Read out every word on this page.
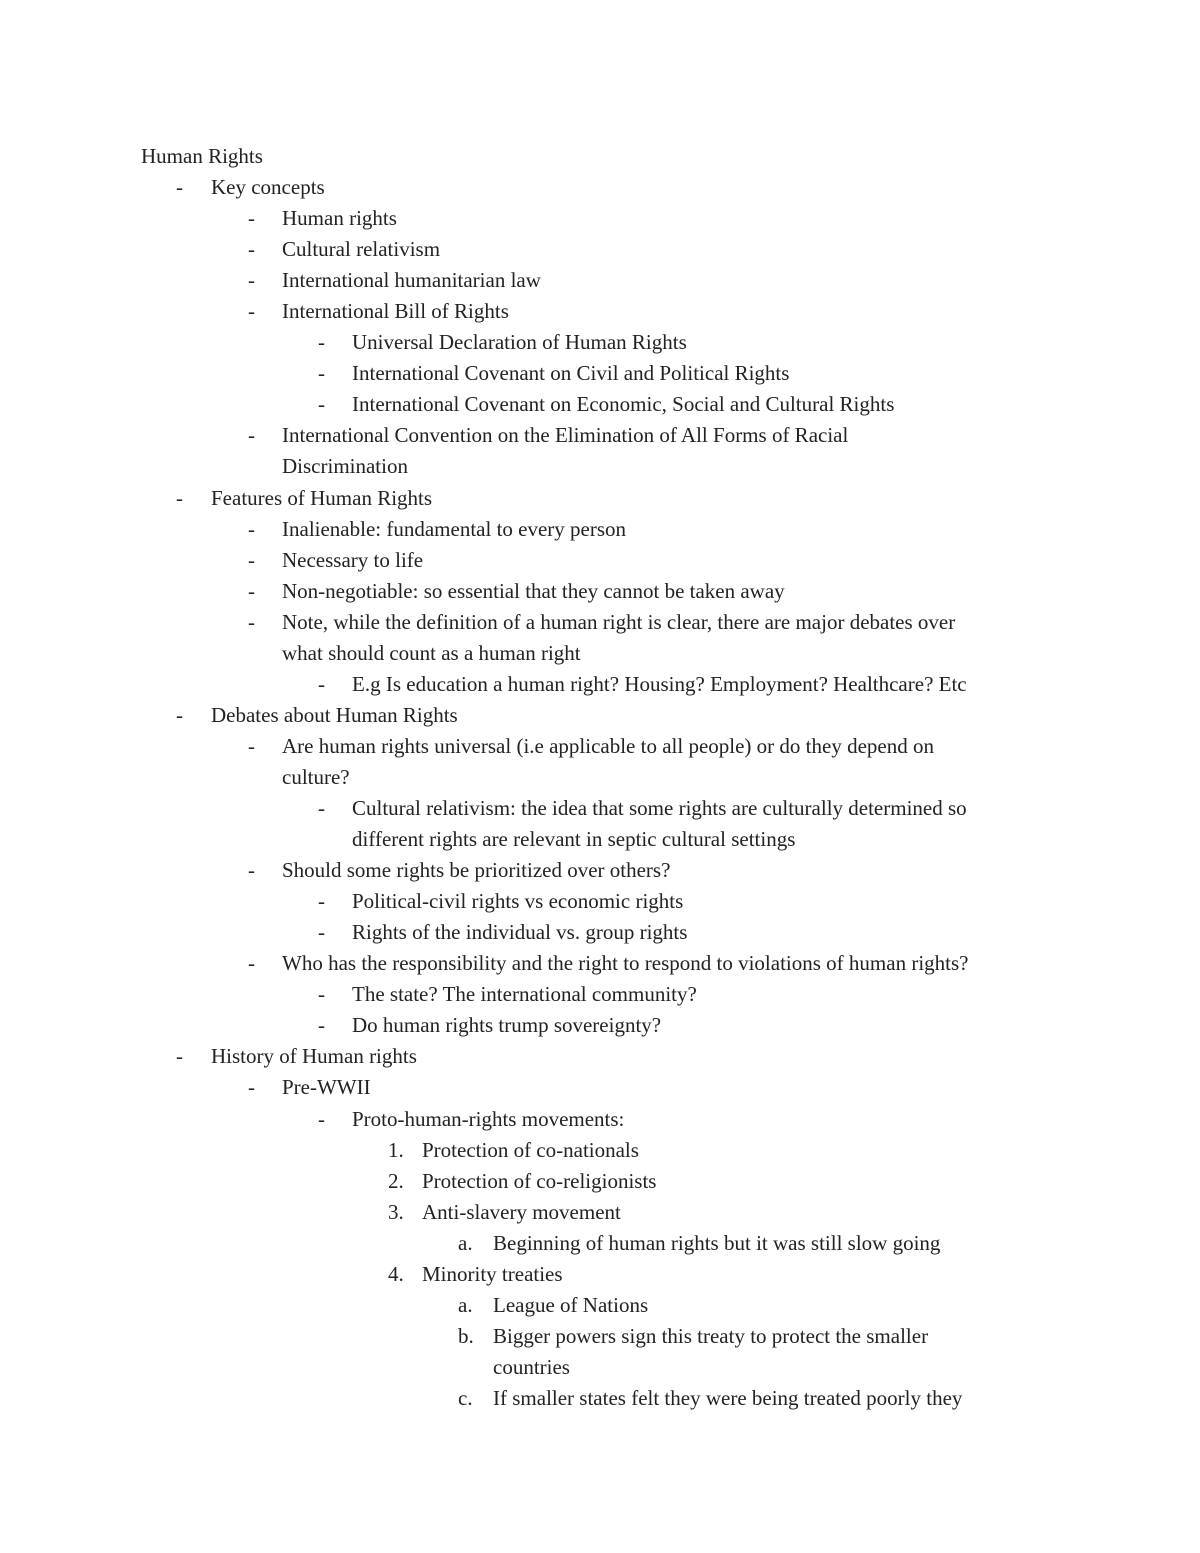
Human Rights
- Key concepts
- Human rights
- Cultural relativism
- International humanitarian law
- International Bill of Rights
- Universal Declaration of Human Rights
- International Covenant on Civil and Political Rights
- International Covenant on Economic, Social and Cultural Rights
- International Convention on the Elimination of All Forms of Racial
Discrimination
- Features of Human Rights
- Inalienable: fundamental to every person
- Necessary to life
- Non-negotiable: so essential that they cannot be taken away
- Note, while the definition of a human right is clear, there are major debates over
what should count as a human right
- E.g Is education a human right? Housing? Employment? Healthcare? Etc
- Debates about Human Rights
- Are human rights universal (i.e applicable to all people) or do they depend on
culture?
- Cultural relativism: the idea that some rights are culturally determined so
different rights are relevant in septic cultural settings
- Should some rights be prioritized over others?
- Political-civil rights vs economic rights
- Rights of the individual vs. group rights
- Who has the responsibility and the right to respond to violations of human rights?
- The state? The international community?
- Do human rights trump sovereignty?
- History of Human rights
- Pre-WWII
- Proto-human-rights movements:
1. Protection of co-nationals
2. Protection of co-religionists
3. Anti-slavery movement
a. Beginning of human rights but it was still slow going
4. Minority treaties
a. League of Nations
b. Bigger powers sign this treaty to protect the smaller
countries
c. If smaller states felt they were being treated poorly they
